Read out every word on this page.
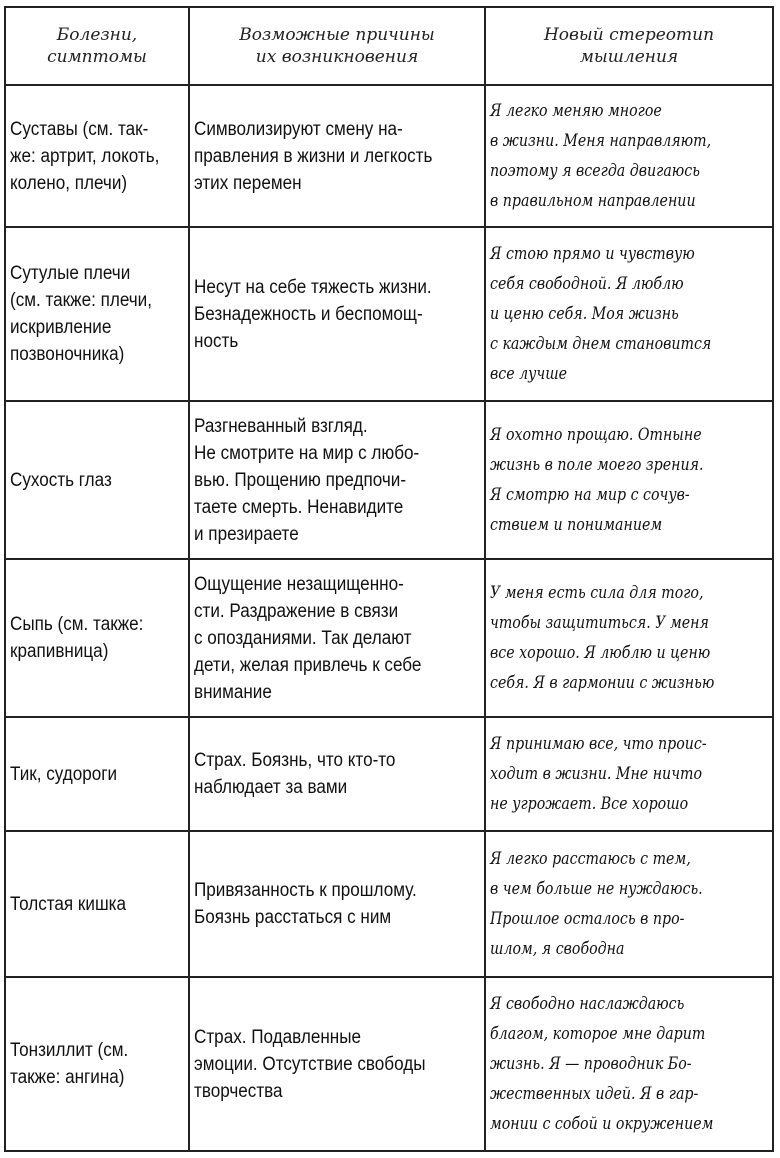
Болезни,
симптомы
Возможные причины
их возникновения
Новый стереотип
мышления
Суставы (см. так-
же: артрит, локоть,
колено, плечи)
Символизируют смену на-
правления в жизни и легкость
этих перемен
Я легко меняю многое
в жизни. Меня направляют,
поэтому я всегда двигаюсь
в правильном направлении
Сутулые плечи
(см. также: плечи,
искривление
позвоночника)
Несут на себе тяжесть жизни.
Безнадежность и беспомощ-
ность
Я стою прямо и чувствую
себя свободной. Я люблю
и ценю себя. Моя жизнь
с каждым днем становится
все лучше
Сухость глаз
Разгневанный взгляд.
Не смотрите на мир с любо-
вью. Прощению предпочи-
таете смерть. Ненавидите
и презираете
Я охотно прощаю. Отныне
жизнь в поле моего зрения.
Я смотрю на мир с сочув-
ствием и пониманием
Сыпь (см. также:
крапивница)
Ощущение незащищенно-
сти. Раздражение в связи
с опозданиями. Так делают
дети, желая привлечь к себе
внимание
У меня есть сила для того,
чтобы защититься. У меня
все хорошо. Я люблю и ценю
себя. Я в гармонии с жизнью
Тик, судороги
Страх. Боязнь, что кто-то
наблюдает за вами
Я принимаю все, что проис-
ходит в жизни. Мне ничто
не угрожает. Все хорошо
Толстая кишка
Привязанность к прошлому.
Боязнь расстаться с ним
Я легко расстаюсь с тем,
в чем больше не нуждаюсь.
Прошлое осталось в про-
шлом, я свободна
Тонзиллит (см.
также: ангина)
Страх. Подавленные
эмоции. Отсутствие свободы
творчества
Я свободно наслаждаюсь
благом, которое мне дарит
жизнь. Я — проводник Бо-
жественных идей. Я в гар-
монии с собой и окружением
